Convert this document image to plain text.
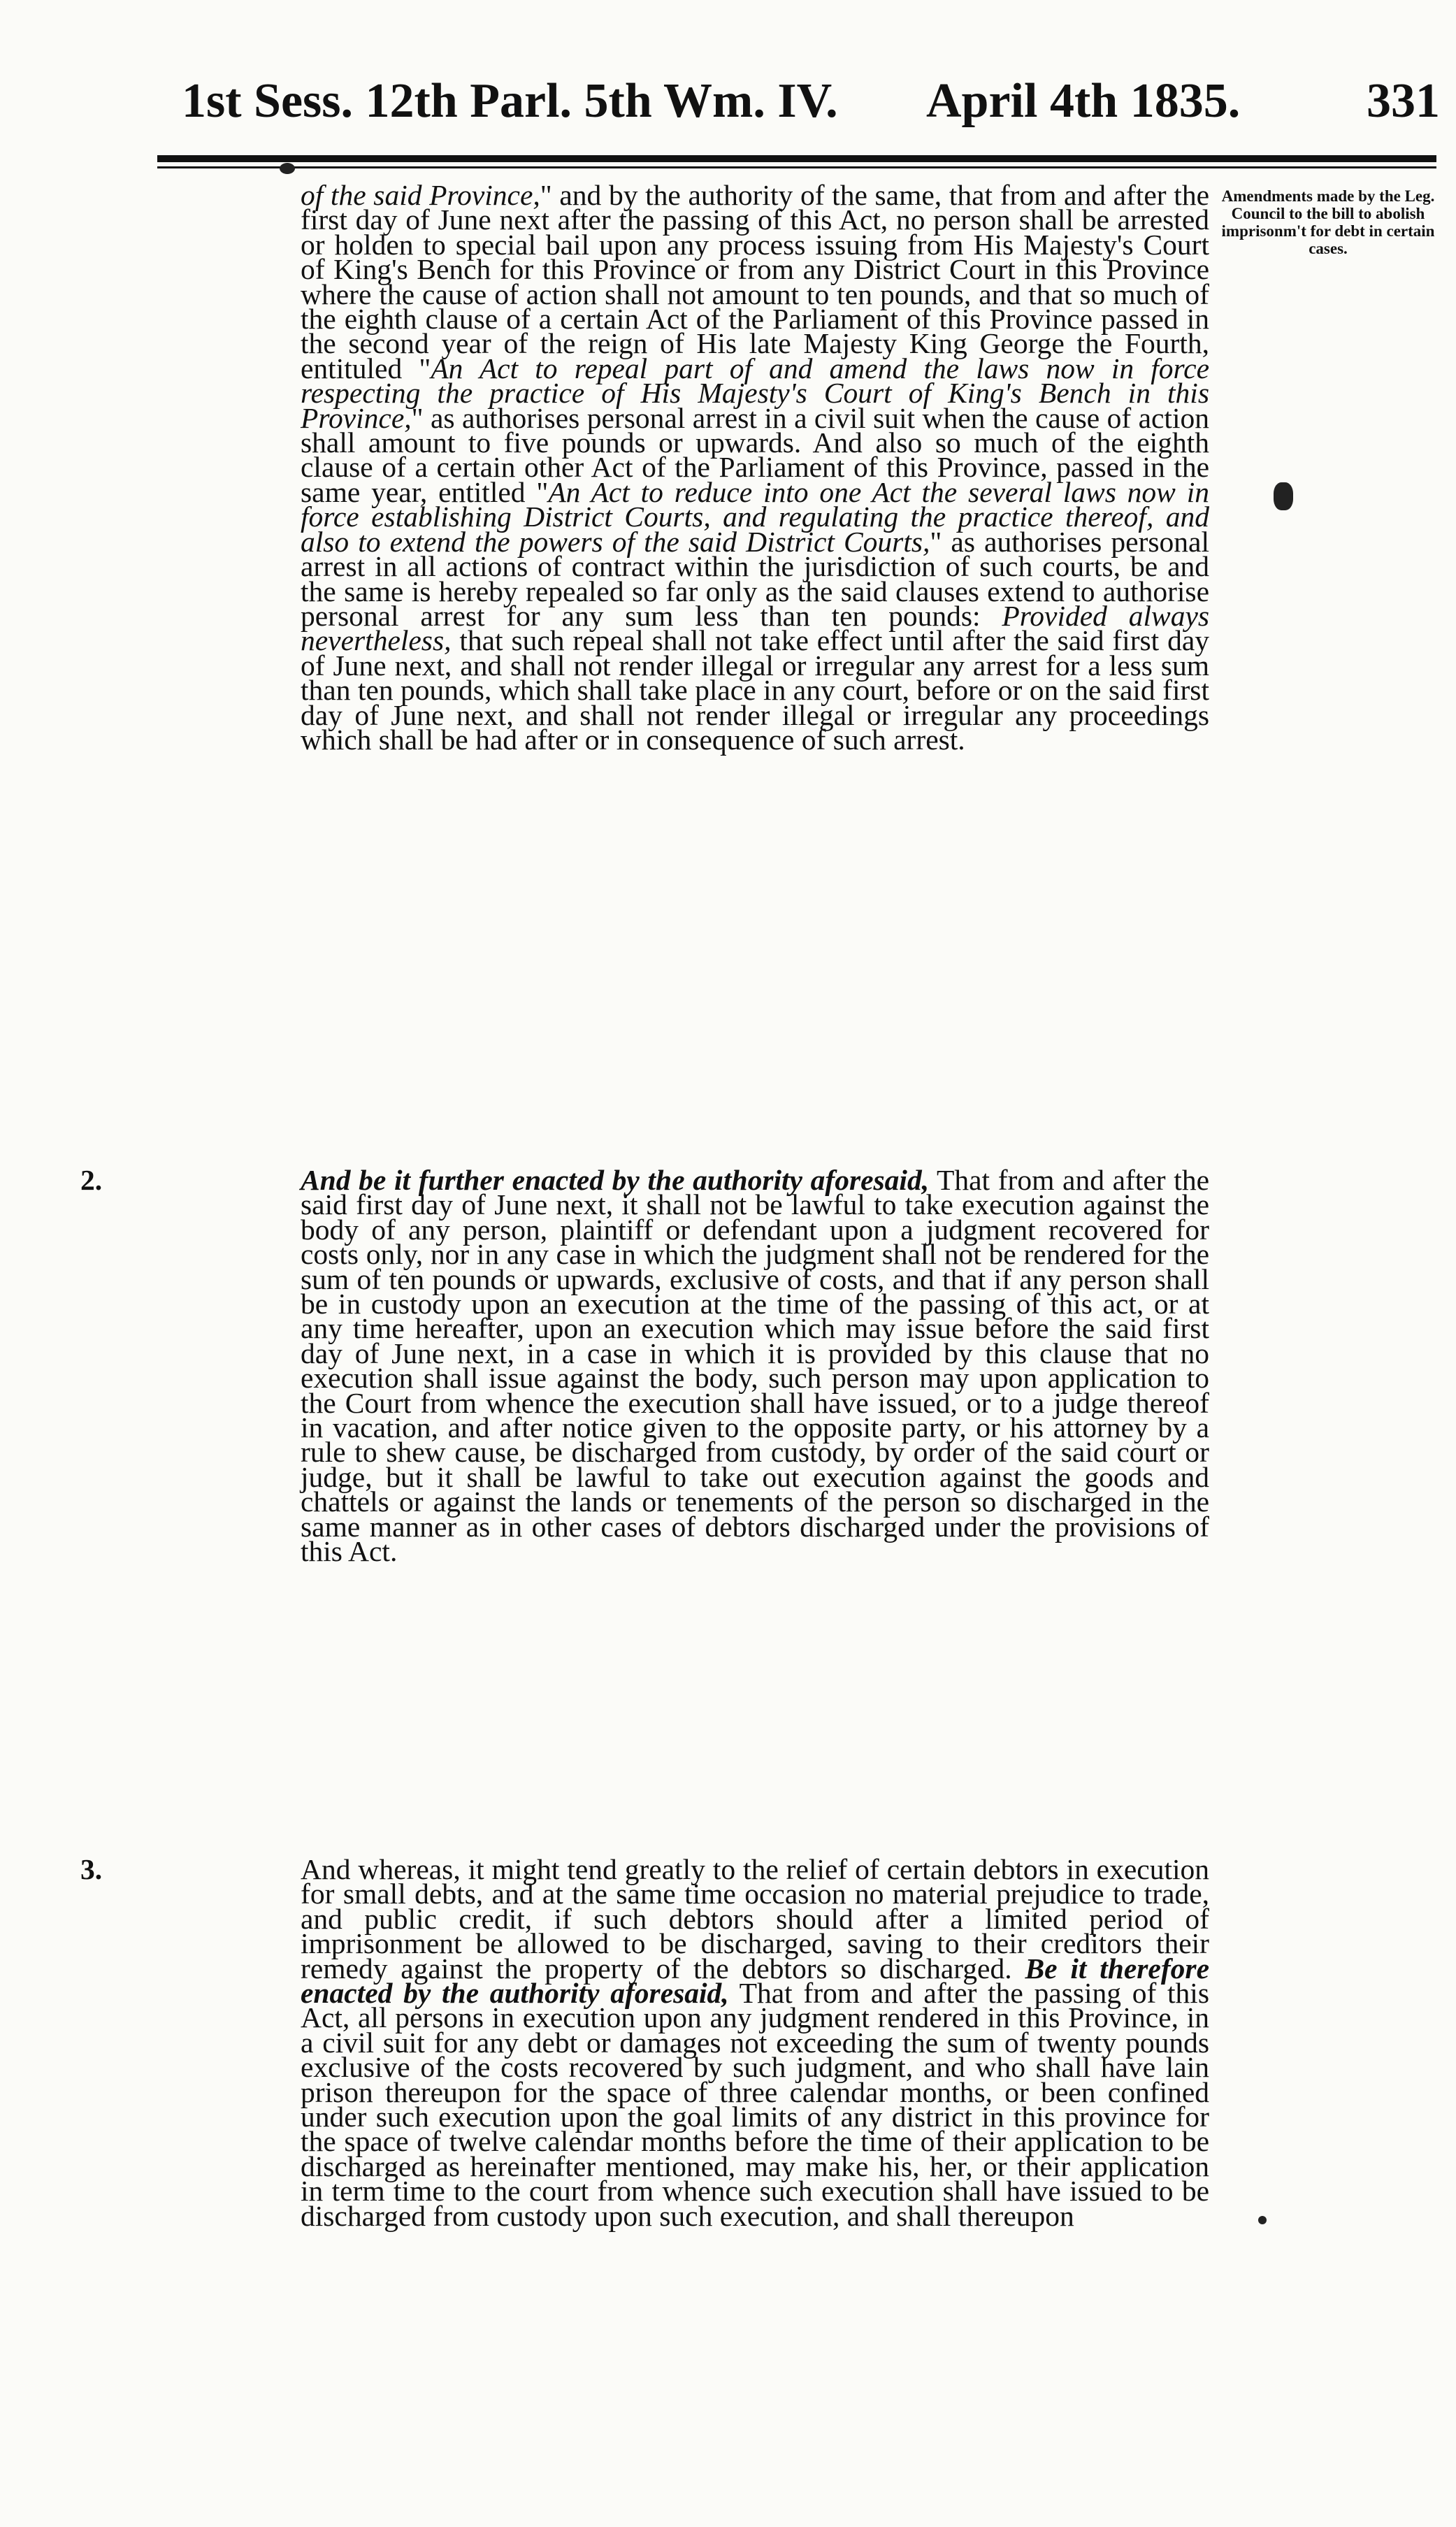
1st Sess. 12th Parl. 5th Wm. IV. April 4th 1835.	331
Amendments made by the Leg. Council to the bill to abolish imprisonm't for debt in certain cases.

of the said Province," and by the authority of the same, that from and after the first day of June next after the passing of this Act, no person shall be arrested or holden to special bail upon any process issuing from His Majesty's Court of King's Bench for this Province or from any District Court in this Province where the cause of action shall not amount to ten pounds, and that so much of the eighth clause of a certain Act of the Parliament of this Province passed in the second year of the reign of His late Majesty King George the Fourth, entituled "An Act to repeal part of and amend the laws now in force respecting the practice of His Majesty's Court of King's Bench in this Province," as authorises personal arrest in a civil suit when the cause of action shall amount to five pounds or upwards. And also so much of the eighth clause of a certain other Act of the Parliament of this Province, passed in the same year, entitled "An Act to reduce into one Act the several laws now in force establishing District Courts, and regulating the practice thereof, and also to extend the powers of the said District Courts," as authorises personal arrest in all actions of contract within the jurisdiction of such courts, be and the same is hereby repealed so far only as the said clauses extend to authorise personal arrest for any sum less than ten pounds: Provided always nevertheless, that such repeal shall not take effect until after the said first day of June next, and shall not render illegal or irregular any arrest for a less sum than ten pounds, which shall take place in any court, before or on the said first day of June next, and shall not render illegal or irregular any proceedings which shall be had after or in consequence of such arrest.

2.	And be it further enacted by the authority aforesaid, That from and after the said first day of June next, it shall not be lawful to take execution against the body of any person, plaintiff or defendant upon a judgment recovered for costs only, nor in any case in which the judgment shall not be rendered for the sum of ten pounds or upwards, exclusive of costs, and that if any person shall be in custody upon an execution at the time of the passing of this act, or at any time hereafter, upon an execution which may issue before the said first day of June next, in a case in which it is provided by this clause that no execution shall issue against the body, such person may upon application to the Court from whence the execution shall have issued, or to a judge thereof in vacation, and after notice given to the opposite party, or his attorney by a rule to shew cause, be discharged from custody, by order of the said court or judge, but it shall be lawful to take out execution against the goods and chattels or against the lands or tenements of the person so discharged in the same manner as in other cases of debtors discharged under the provisions of this Act.

3.	And whereas, it might tend greatly to the relief of certain debtors in execution for small debts, and at the same time occasion no material prejudice to trade, and public credit, if such debtors should after a limited period of imprisonment be allowed to be discharged, saving to their creditors their remedy against the property of the debtors so discharged. Be it therefore enacted by the authority aforesaid, That from and after the passing of this Act, all persons in execution upon any judgment rendered in this Province, in a civil suit for any debt or damages not exceeding the sum of twenty pounds exclusive of the costs recovered by such judgment, and who shall have lain prison thereupon for the space of three calendar months, or been confined under such execution upon the goal limits of any district in this province for the space of twelve calendar months before the time of their application to be discharged as hereinafter mentioned, may make his, her, or their application in term time to the court from whence such execution shall have issued to be discharged from custody upon such execution, and shall thereupon
